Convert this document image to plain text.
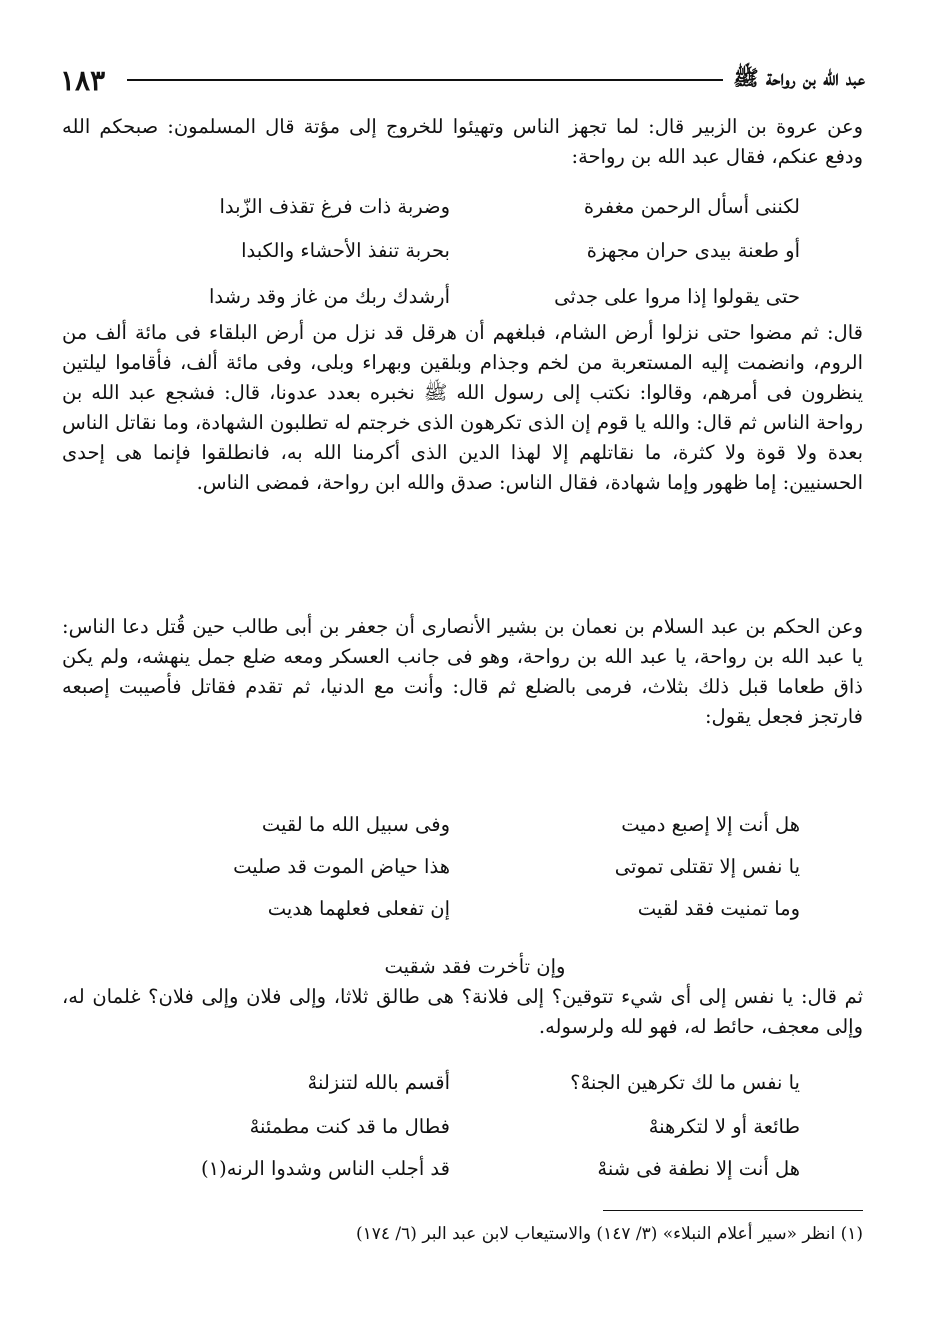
١٨٣	عبد الله بن رواحة ﷺ

وعن عروة بن الزبير قال: لما تجهز الناس وتهيئوا للخروج إلى مؤتة قال المسلمون: صبحكم الله ودفع عنكم، فقال عبد الله بن رواحة:

لكننى أسأل الرحمن مغفرة
وضربة ذات فرغ تقذف الزّبدا
أو طعنة بيدى حران مجهزة
بحربة تنفذ الأحشاء والكبدا
حتى يقولوا إذا مروا على جدثى
أرشدك ربك من غاز وقد رشدا

قال: ثم مضوا حتى نزلوا أرض الشام، فبلغهم أن هرقل قد نزل من أرض البلقاء فى مائة ألف من الروم، وانضمت إليه المستعربة من لخم وجذام وبلقين وبهراء وبلى، وفى مائة ألف، فأقاموا ليلتين ينظرون فى أمرهم، وقالوا: نكتب إلى رسول الله ﷺ نخبره بعدد عدونا، قال: فشجع عبد الله بن رواحة الناس ثم قال: والله يا قوم إن الذى تكرهون الذى خرجتم له تطلبون الشهادة، وما نقاتل الناس بعدة ولا قوة ولا كثرة، ما نقاتلهم إلا لهذا الدين الذى أكرمنا الله به، فانطلقوا فإنما هى إحدى الحسنيين: إما ظهور وإما شهادة، فقال الناس: صدق والله ابن رواحة، فمضى الناس.

وعن الحكم بن عبد السلام بن نعمان بن بشير الأنصارى أن جعفر بن أبى طالب حين قُتل دعا الناس: يا عبد الله بن رواحة، يا عبد الله بن رواحة، وهو فى جانب العسكر ومعه ضلع جمل ينهشه، ولم يكن ذاق طعاما قبل ذلك بثلاث، فرمى بالضلع ثم قال: وأنت مع الدنيا، ثم تقدم فقاتل فأصيبت إصبعه فارتجز فجعل يقول:

هل أنت إلا إصبع دميت
وفى سبيل الله ما لقيت
يا نفس إلا تقتلى تموتى
هذا حياض الموت قد صليت
وما تمنيت فقد لقيت
إن تفعلى فعلهما هديت
وإن تأخرت فقد شقيت

ثم قال: يا نفس إلى أى شيء تتوقين؟ إلى فلانة؟ هى طالق ثلاثا، وإلى فلان وإلى فلان؟ غلمان له، وإلى معجف، حائط له، فهو لله ولرسوله.

يا نفس ما لك تكرهين الجنهْ؟
أقسم بالله لتنزلنهْ
طائعة أو لا لتكرهنهْ
فطال ما قد كنت مطمئنهْ
هل أنت إلا نطفة فى شنهْ
قد أجلب الناس وشدوا الرنه(١)
(١) انظر «سير أعلام النبلاء» (٣/ ١٤٧) والاستيعاب لابن عبد البر (٦/ ١٧٤)
